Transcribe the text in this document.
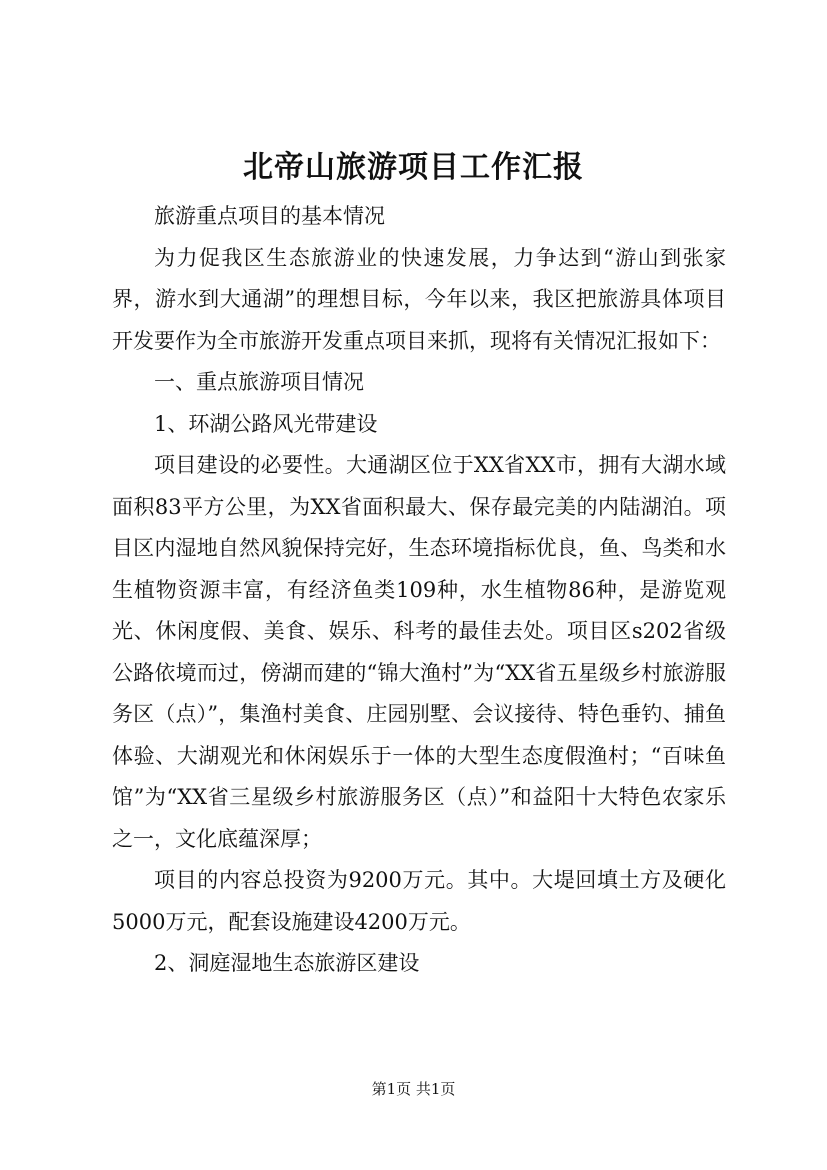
北帝山旅游项目工作汇报

旅游重点项目的基本情况

为力促我区生态旅游业的快速发展，力争达到“游山到张家界，游水到大通湖”的理想目标，今年以来，我区把旅游具体项目开发要作为全市旅游开发重点项目来抓，现将有关情况汇报如下：

一、重点旅游项目情况

1、环湖公路风光带建设

项目建设的必要性。大通湖区位于XX省XX市，拥有大湖水域面积83平方公里，为XX省面积最大、保存最完美的内陆湖泊。项目区内湿地自然风貌保持完好，生态环境指标优良，鱼、鸟类和水生植物资源丰富，有经济鱼类109种，水生植物86种，是游览观光、休闲度假、美食、娱乐、科考的最佳去处。项目区s202省级公路依境而过，傍湖而建的“锦大渔村”为“XX省五星级乡村旅游服务区（点）”，集渔村美食、庄园别墅、会议接待、特色垂钓、捕鱼体验、大湖观光和休闲娱乐于一体的大型生态度假渔村；“百味鱼馆”为“XX省三星级乡村旅游服务区（点）”和益阳十大特色农家乐之一，文化底蕴深厚；

项目的内容总投资为9200万元。其中。大堤回填土方及硬化5000万元，配套设施建设4200万元。

2、洞庭湿地生态旅游区建设

第1页 共1页
